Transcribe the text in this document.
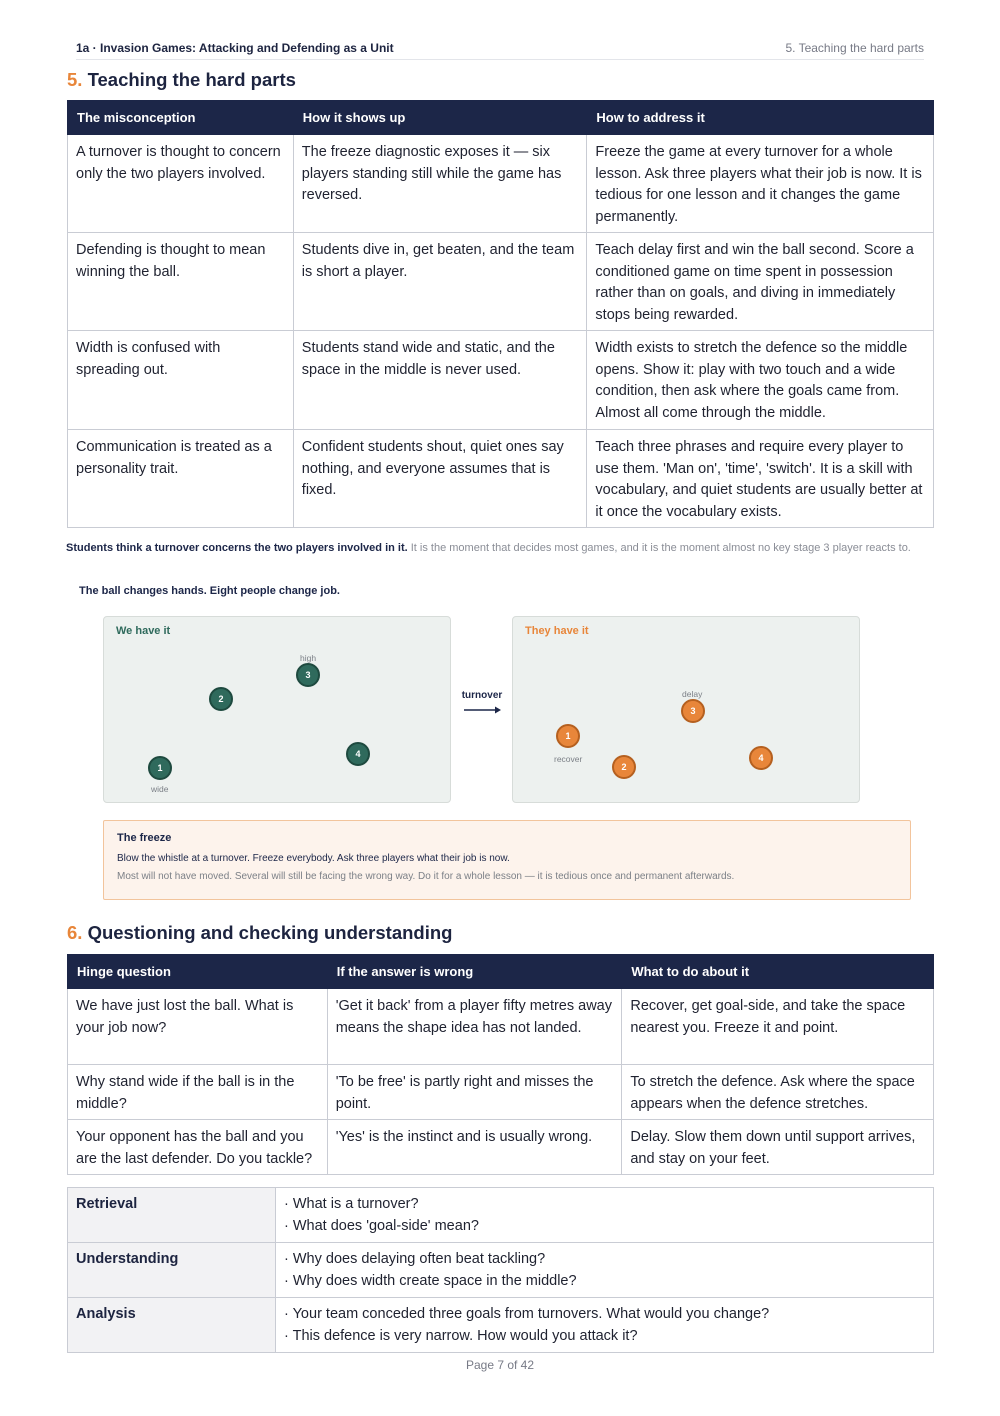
1a · Invasion Games: Attacking and Defending as a Unit	5. Teaching the hard parts
5. Teaching the hard parts
The misconception	How it shows up	How to address it
A turnover is thought to concern only the two players involved.	The freeze diagnostic exposes it — six players standing still while the game has reversed.	Freeze the game at every turnover for a whole lesson. Ask three players what their job is now. It is tedious for one lesson and it changes the game permanently.
Defending is thought to mean winning the ball.	Students dive in, get beaten, and the team is short a player.	Teach delay first and win the ball second. Score a conditioned game on time spent in possession rather than on goals, and diving in immediately stops being rewarded.
Width is confused with spreading out.	Students stand wide and static, and the space in the middle is never used.	Width exists to stretch the defence so the middle opens. Show it: play with two touch and a wide condition, then ask where the goals came from. Almost all come through the middle.
Communication is treated as a personality trait.	Confident students shout, quiet ones say nothing, and everyone assumes that is fixed.	Teach three phrases and require every player to use them. 'Man on', 'time', 'switch'. It is a skill with vocabulary, and quiet students are usually better at it once the vocabulary exists.

Students think a turnover concerns the two players involved in it. It is the moment that decides most games, and it is the moment almost no key stage 3 player reacts to.

The ball changes hands. Eight people change job.
We have it
1
wide
2
3
high
4
turnover
They have it
1
recover
2
3
delay
4
The freeze
Blow the whistle at a turnover. Freeze everybody. Ask three players what their job is now.
Most will not have moved. Several will still be facing the wrong way. Do it for a whole lesson — it is tedious once and permanent afterwards.
6. Questioning and checking understanding
Hinge question	If the answer is wrong	What to do about it
We have just lost the ball. What is your job now?	'Get it back' from a player fifty metres away means the shape idea has not landed.	Recover, get goal-side, and take the space nearest you. Freeze it and point.
Why stand wide if the ball is in the middle?	'To be free' is partly right and misses the point.	To stretch the defence. Ask where the space appears when the defence stretches.
Your opponent has the ball and you are the last defender. Do you tackle?	'Yes' is the instinct and is usually wrong.	Delay. Slow them down until support arrives, and stay on your feet.
Retrieval	· What is a turnover?
· What does 'goal-side' mean?

Understanding	· Why does delaying often beat tackling?
· Why does width create space in the middle?

Analysis	· Your team conceded three goals from turnovers. What would you change?
· This defence is very narrow. How would you attack it?
Page 7 of 42
